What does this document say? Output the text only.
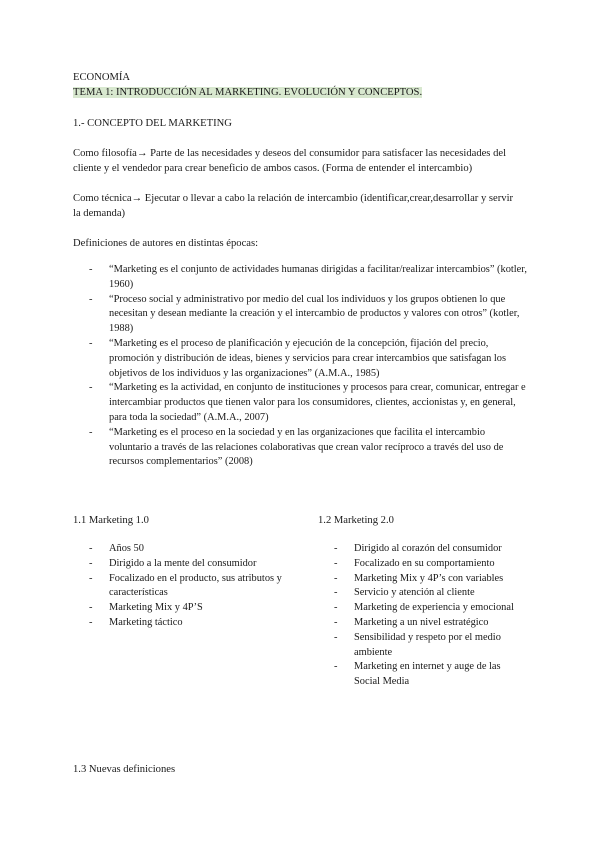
ECONOMÍA
TEMA 1: INTRODUCCIÓN AL MARKETING. EVOLUCIÓN Y CONCEPTOS.
1.- CONCEPTO DEL MARKETING
Como filosofía→ Parte de las necesidades y deseos del consumidor para satisfacer las necesidades del cliente y el vendedor para crear beneficio de ambos casos. (Forma de entender el intercambio)
Como técnica→ Ejecutar o llevar a cabo la relación de intercambio (identificar,crear,desarrollar y servir la demanda)
Definiciones de autores en distintas épocas:
- “Marketing es el conjunto de actividades humanas dirigidas a facilitar/realizar intercambios” (kotler, 1960)
- “Proceso social y administrativo por medio del cual los individuos y los grupos obtienen lo que necesitan y desean mediante la creación y el intercambio de productos y valores con otros” (kotler, 1988)
- “Marketing es el proceso de planificación y ejecución de la concepción, fijación del precio, promoción y distribución de ideas, bienes y servicios para crear intercambios que satisfagan los objetivos de los individuos y las organizaciones” (A.M.A., 1985)
- “Marketing es la actividad, en conjunto de instituciones y procesos para crear, comunicar, entregar e intercambiar productos que tienen valor para los consumidores, clientes, accionistas y, en general, para toda la sociedad” (A.M.A., 2007)
- “Marketing es el proceso en la sociedad y en las organizaciones que facilita el intercambio voluntario a través de las relaciones colaborativas que crean valor recíproco a través del uso de recursos complementarios” (2008)
1.1 Marketing 1.0
- Años 50
- Dirigido a la mente del consumidor
- Focalizado en el producto, sus atributos y características
- Marketing Mix y 4P’S
- Marketing táctico
1.2 Marketing 2.0
- Dirigido al corazón del consumidor
- Focalizado en su comportamiento
- Marketing Mix y 4P’s con variables
- Servicio y atención al cliente
- Marketing de experiencia y emocional
- Marketing a un nivel estratégico
- Sensibilidad y respeto por el medio ambiente
- Marketing en internet y auge de las Social Media
1.3 Nuevas definiciones
